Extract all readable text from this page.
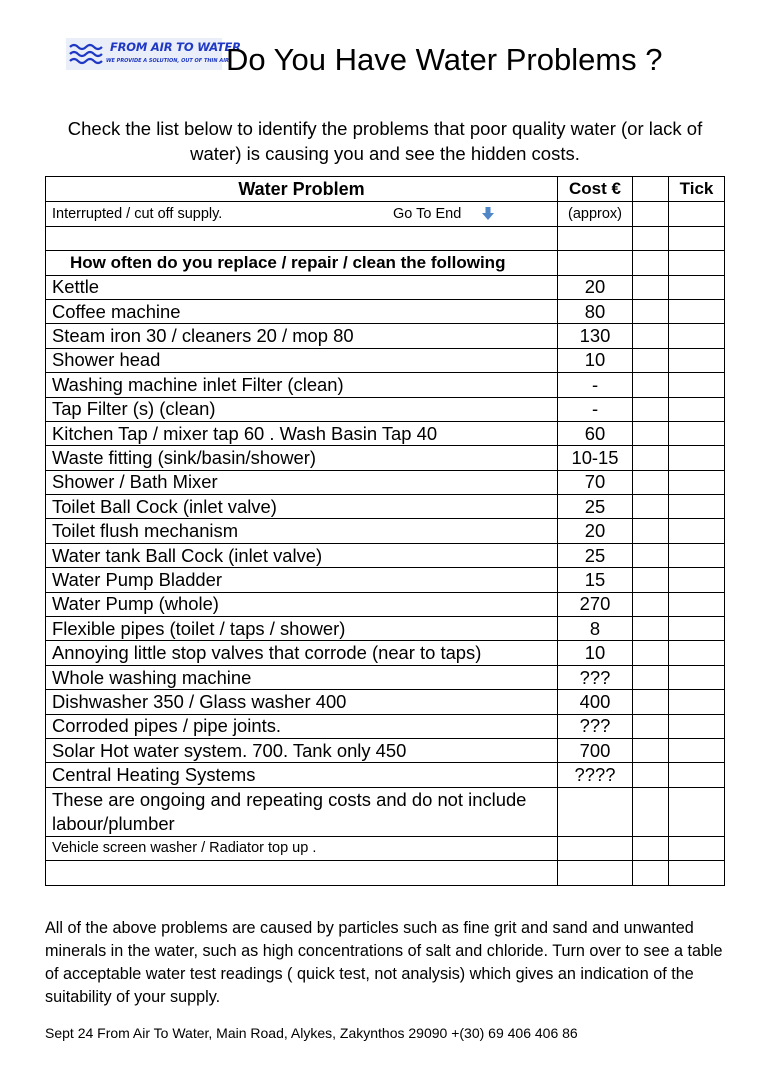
FROM AIR TO WATER
WE PROVIDE A SOLUTION, OUT OF THIN AIR
Do You Have Water Problems ?
Check the list below to identify the problems that poor quality water (or lack of water) is causing you and see the hidden costs.
Water Problem	Cost €		Tick

Interrupted / cut off supply. Go To End	(approx)		

How often do you replace / repair / clean the following			
Kettle	20		
Coffee machine	80		
Steam iron 30 / cleaners 20 / mop 80	130		
Shower head	10		
Washing machine inlet Filter (clean)	-		
Tap Filter (s) (clean)	-		
Kitchen Tap / mixer tap 60 . Wash Basin Tap 40	60		
Waste fitting (sink/basin/shower)	10-15		
Shower / Bath Mixer	70		
Toilet Ball Cock (inlet valve)	25		
Toilet flush mechanism	20		
Water tank Ball Cock (inlet valve)	25		
Water Pump Bladder	15		
Water Pump (whole)	270		
Flexible pipes (toilet / taps / shower)	8		
Annoying little stop valves that corrode (near to taps)	10		
Whole washing machine	???		
Dishwasher 350 / Glass washer 400	400		
Corroded pipes / pipe joints.	???		
Solar Hot water system. 700. Tank only 450	700		
Central Heating Systems	????		
These are ongoing and repeating costs and do not include labour/plumber			
Vehicle screen washer / Radiator top up .			

All of the above problems are caused by particles such as fine grit and sand and unwanted minerals in the water, such as high concentrations of salt and chloride. Turn over to see a table of acceptable water test readings ( quick test, not analysis) which gives an indication of the suitability of your supply.
Sept 24 From Air To Water, Main Road, Alykes, Zakynthos 29090 +(30) 69 406 406 86
